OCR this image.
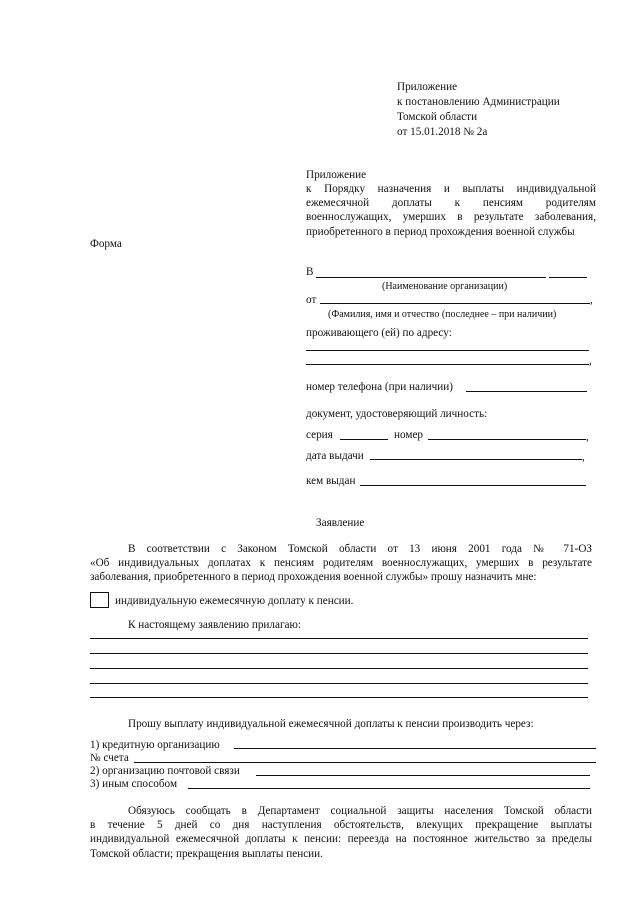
Приложение
к постановлению Администрации
Томской области
от 15.01.2018 № 2а
Приложение
к Порядку назначения и выплаты индивидуальной
ежемесячной доплаты к пенсиям родителям
военнослужащих, умерших в результате заболевания,
приобретенного в период прохождения военной службы
Форма
В
(Наименование организации)
от	,
(Фамилия, имя и отчество (последнее – при наличии)
проживающего (ей) по адресу:
,
номер телефона (при наличии)
документ, удостоверяющий личность:
серия	номер	,
дата выдачи	,
кем выдан
Заявление
В соответствии с Законом Томской области от 13 июня 2001 года № 71-ОЗ
«Об индивидуальных доплатах к пенсиям родителям военнослужащих, умерших в результате
заболевания, приобретенного в период прохождения военной службы» прошу назначить мне:
индивидуальную ежемесячную доплату к пенсии.
К настоящему заявлению прилагаю:
Прошу выплату индивидуальной ежемесячной доплаты к пенсии производить через:
1) кредитную организацию
№ счета
2) организацию почтовой связи
3) иным способом
Обязуюсь сообщать в Департамент социальной защиты населения Томской области
в течение 5 дней со дня наступления обстоятельств, влекущих прекращение выплаты
индивидуальной ежемесячной доплаты к пенсии: переезда на постоянное жительство за пределы
Томской области; прекращения выплаты пенсии.
